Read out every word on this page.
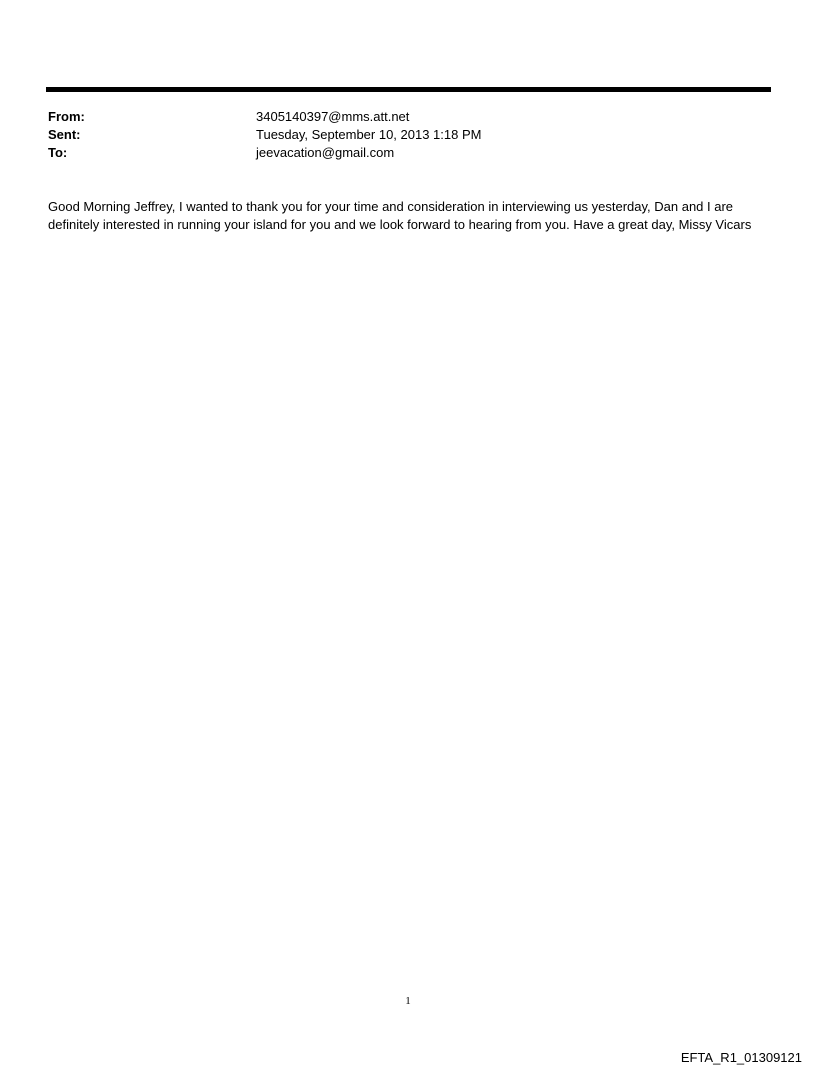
From:	3405140397@mms.att.net
Sent:	Tuesday, September 10, 2013 1:18 PM
To:	jeevacation@gmail.com
Good Morning Jeffrey, I wanted to thank you for your time and consideration in interviewing us yesterday, Dan and I are definitely interested in running your island for you and we look forward to hearing from you. Have a great day, Missy Vicars
1
EFTA_R1_01309121
